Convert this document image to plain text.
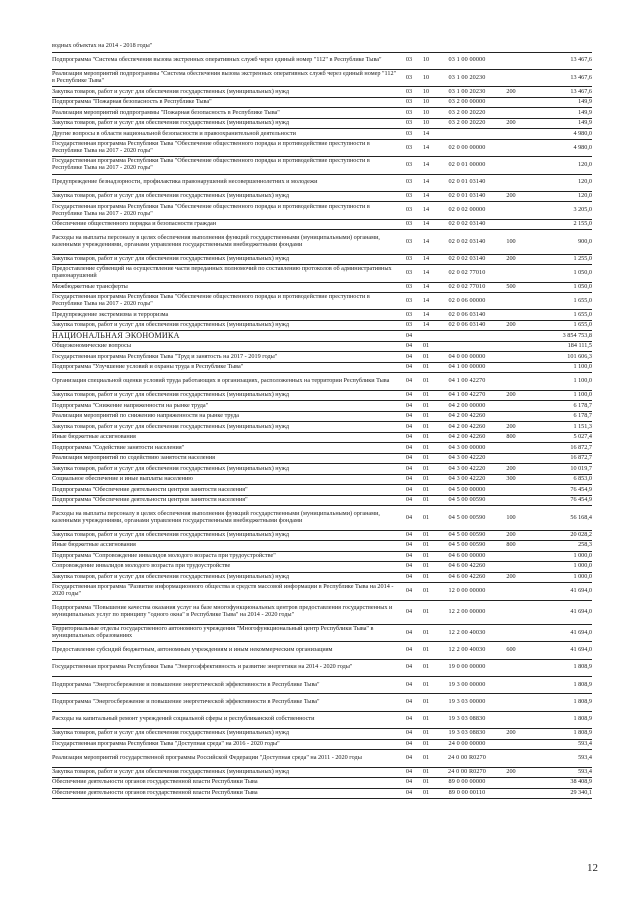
водных объектах на 2014 - 2018 годы"
Подпрограмма "Система обеспечения вызова экстренных оперативных служб через единый номер "112" в Республике Тыва"	03	10	03 1 00 00000	13 467,6
Реализация мероприятий подпрограммы "Система обеспечения вызова экстренных оперативных служб через единый номер "112" в Республике Тыва"	03	10	03 1 00 20230	13 467,6
Закупка товаров, работ и услуг для обеспечения государственных (муниципальных) нужд	03	10	03 1 00 20230	200	13 467,6
Подпрограмма "Пожарная безопасность в Республике Тыва"	03	10	03 2 00 00000	149,9
Реализация мероприятий подпрограммы "Пожарная безопасность в Республике Тыва"	03	10	03 2 00 20220	149,9
Закупка товаров, работ и услуг для обеспечения государственных (муниципальных) нужд	03	10	03 2 00 20220	200	149,9
Другие вопросы в области национальной безопасности и правоохранительной деятельности	03	14	4 980,0
Государственная программа Республики Тыва "Обеспечение общественного порядка и противодействие преступности в Республике Тыва на 2017 - 2020 годы"	03	14	02 0 00 00000	4 980,0
Государственная программа Республики Тыва "Обеспечение общественного порядка и противодействие преступности в Республике Тыва на 2017 - 2020 годы"	03	14	02 0 01 00000	120,0
Предупреждение безнадзорности, профилактика правонарушений несовершеннолетних и молодежи	03	14	02 0 01 03140	120,0
Закупка товаров, работ и услуг для обеспечения государственных (муниципальных) нужд	03	14	02 0 01 03140	200	120,0
Государственная программа Республики Тыва "Обеспечение общественного порядка и противодействие преступности в Республике Тыва на 2017 - 2020 годы"	03	14	02 0 02 00000	3 205,0
Обеспечение общественного порядка и безопасности граждан	03	14	02 0 02 03140	2 155,0
Расходы на выплаты персоналу в целях обеспечения выполнения функций государственными (муниципальными) органами, казенными учреждениями, органами управления государственными внебюджетными фондами	03	14	02 0 02 03140	100	900,0
Закупка товаров, работ и услуг для обеспечения государственных (муниципальных) нужд	03	14	02 0 02 03140	200	1 255,0
Предоставление субвенций на осуществление части переданных полномочий по составлению протоколов об административных правонарушений	03	14	02 0 02 77010	1 050,0
Межбюджетные трансферты	03	14	02 0 02 77010	500	1 050,0
Государственная программа Республики Тыва "Обеспечение общественного порядка и противодействие преступности в Республике Тыва на 2017 - 2020 годы"	03	14	02 0 06 00000	1 655,0
Предупреждение экстремизма и терроризма	03	14	02 0 06 03140	1 655,0
Закупка товаров, работ и услуг для обеспечения государственных (муниципальных) нужд	03	14	02 0 06 03140	200	1 655,0
НАЦИОНАЛЬНАЯ ЭКОНОМИКА	04	3 854 753,8
Общеэкономические вопросы	04	01	184 111,5
Государственная программа Республики Тыва "Труд и занятость на 2017 - 2019 годы"	04	01	04 0 00 00000	101 606,3
Подпрограмма "Улучшение условий и охраны труда в Республике Тыва"	04	01	04 1 00 00000	1 100,0
Организация специальной оценки условий труда работающих в организациях, расположенных на территории Республики Тыва	04	01	04 1 00 42270	1 100,0
Закупка товаров, работ и услуг для обеспечения государственных (муниципальных) нужд	04	01	04 1 00 42270	200	1 100,0
Подпрограмма "Снижение напряженности на рынке труда"	04	01	04 2 00 00000	6 178,7
Реализация мероприятий по снижению напряженности на рынке труда	04	01	04 2 00 42260	6 178,7
Закупка товаров, работ и услуг для обеспечения государственных (муниципальных) нужд	04	01	04 2 00 42260	200	1 151,3
Иные бюджетные ассигнования	04	01	04 2 00 42260	800	5 027,4
Подпрограмма "Содействие занятости населения"	04	01	04 3 00 00000	16 872,7
Реализация мероприятий по содействию занятости населения	04	01	04 3 00 42220	16 872,7
Закупка товаров, работ и услуг для обеспечения государственных (муниципальных) нужд	04	01	04 3 00 42220	200	10 019,7
Социальное обеспечение и иные выплаты населению	04	01	04 3 00 42220	300	6 853,0
Подпрограмма "Обеспечение деятельности центров занятости населения"	04	01	04 5 00 00000	76 454,9
Подпрограмма "Обеспечение деятельности центров занятости населения"	04	01	04 5 00 00590	76 454,9
Расходы на выплаты персоналу в целях обеспечения выполнения функций государственными (муниципальными) органами, казенными учреждениями, органами управления государственными внебюджетными фондами	04	01	04 5 00 00590	100	56 168,4
Закупка товаров, работ и услуг для обеспечения государственных (муниципальных) нужд	04	01	04 5 00 00590	200	20 028,2
Иные бюджетные ассигнования	04	01	04 5 00 00590	800	258,3
Подпрограмма "Сопровождение инвалидов молодого возраста при трудоустройстве"	04	01	04 6 00 00000	1 000,0
Сопровождение инвалидов молодого возраста при трудоустройстве	04	01	04 6 00 42260	1 000,0
Закупка товаров, работ и услуг для обеспечения государственных (муниципальных) нужд	04	01	04 6 00 42260	200	1 000,0
Государственная программа "Развитие информационного общества и средств массовой информации в Республике Тыва на 2014 - 2020 годы"	04	01	12 0 00 00000	41 694,0
Подпрограмма "Повышение качества оказания услуг на базе многофункциональных центров предоставления государственных и муниципальных услуг по принципу "одного окна" в Республике Тыва" на 2014 - 2020 годы"	04	01	12 2 00 00000	41 694,0
Территориальные отделы государственного автономного учреждения "Многофункциональный центр Республики Тыва" в муниципальных образованиях	04	01	12 2 00 40030	41 694,0
Предоставление субсидий бюджетным, автономным учреждениям и иным некоммерческим организациям	04	01	12 2 00 40030	600	41 694,0
Государственная программа Республики Тыва "Энергоэффективность и развитие энергетики на 2014 - 2020 годы"	04	01	19 0 00 00000	1 808,9
Подпрограмма "Энергосбережение и повышение энергетической эффективности в Республике Тыва"	04	01	19 3 00 00000	1 808,9
Подпрограмма "Энергосбережение и повышение энергетической эффективности в Республике Тыва"	04	01	19 3 03 00000	1 808,9
Расходы на капитальный ремонт учреждений социальной сферы и республиканской собственности	04	01	19 3 03 08830	1 808,9
Закупка товаров, работ и услуг для обеспечения государственных (муниципальных) нужд	04	01	19 3 03 08830	200	1 808,9
Государственная программа Республики Тыва "Доступная среда" на 2016 - 2020 годы"	04	01	24 0 00 00000	593,4
Реализация мероприятий государственной программы Российской Федерации "Доступная среда" на 2011 - 2020 годы	04	01	24 0 00 R0270	593,4
Закупка товаров, работ и услуг для обеспечения государственных (муниципальных) нужд	04	01	24 0 00 R0270	200	593,4
Обеспечение деятельности органов государственной власти Республики Тыва	04	01	89 0 00 00000	38 408,9
Обеспечение деятельности органов государственной власти Республики Тыва	04	01	89 0 00 00110	29 340,1
12
